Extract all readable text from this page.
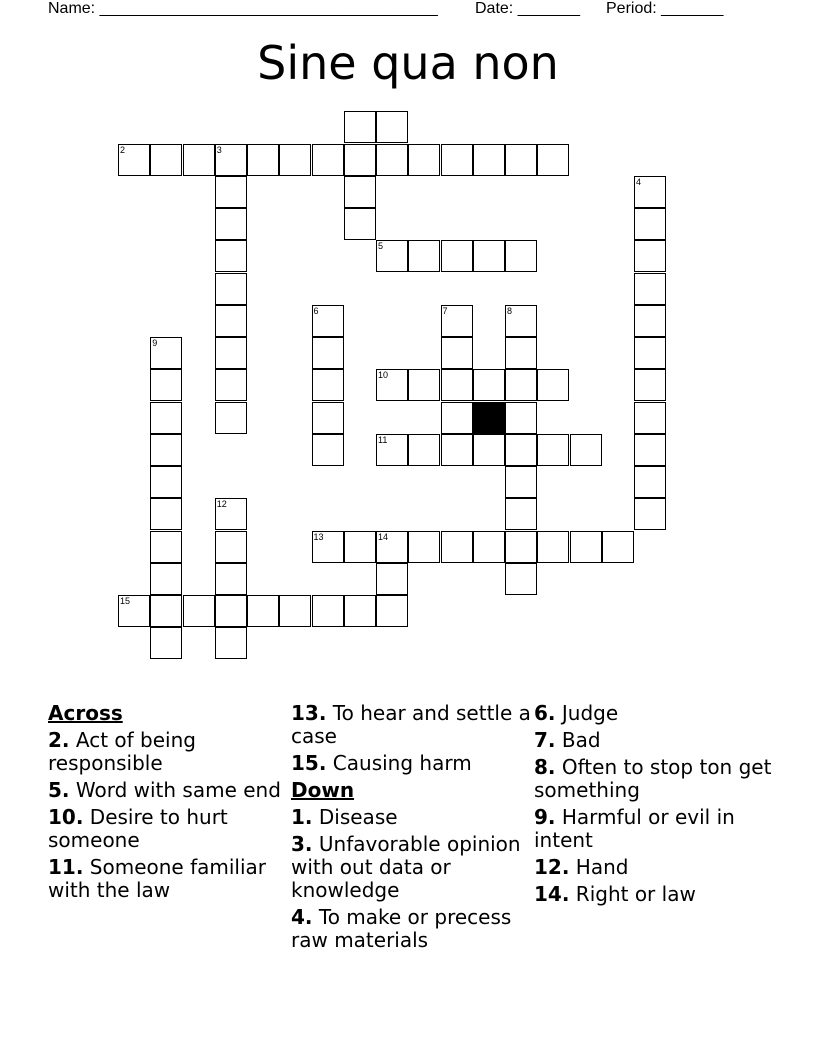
Name: ______________________________________ Date: _______ Period: _______
Sine qua non
2	3
4
5
6	7	8
9
10
11
12
13	14
15
Across
2. Act of being responsible
5. Word with same end
10. Desire to hurt someone
11. Someone familiar with the law
13. To hear and settle a case
15. Causing harm
Down
1. Disease
3. Unfavorable opinion with out data or knowledge
4. To make or precess raw materials
6. Judge
7. Bad
8. Often to stop ton get something
9. Harmful or evil in intent
12. Hand
14. Right or law
